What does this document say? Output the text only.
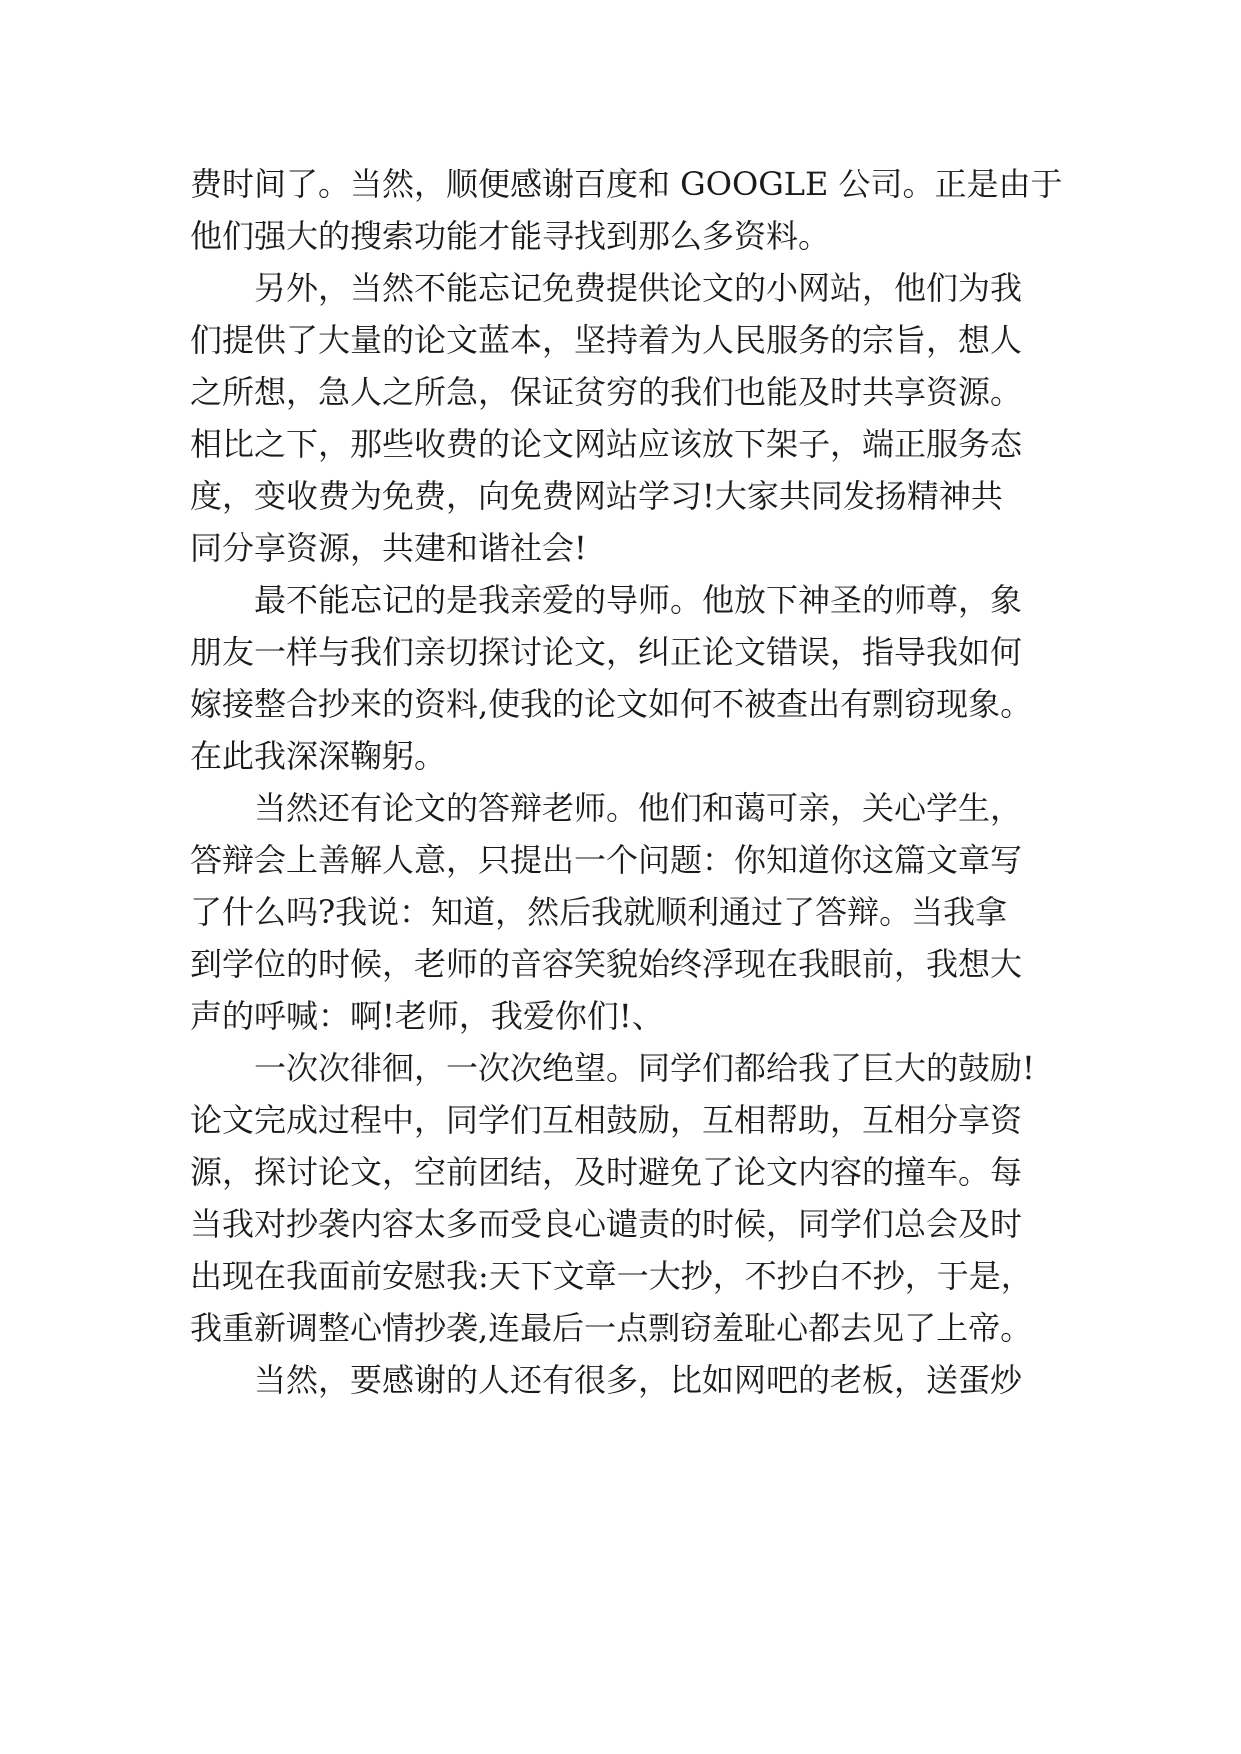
费时间了。当然，顺便感谢百度和 GOOGLE 公司。正是由于
他们强大的搜索功能才能寻找到那么多资料。
　　另外，当然不能忘记免费提供论文的小网站，他们为我
们提供了大量的论文蓝本，坚持着为人民服务的宗旨，想人
之所想，急人之所急，保证贫穷的我们也能及时共享资源。
相比之下，那些收费的论文网站应该放下架子，端正服务态
度，变收费为免费，向免费网站学习!大家共同发扬精神共
同分享资源，共建和谐社会!
　　最不能忘记的是我亲爱的导师。他放下神圣的师尊，象
朋友一样与我们亲切探讨论文，纠正论文错误，指导我如何
嫁接整合抄来的资料,使我的论文如何不被查出有剽窃现象。
在此我深深鞠躬。
　　当然还有论文的答辩老师。他们和蔼可亲，关心学生，
答辩会上善解人意，只提出一个问题：你知道你这篇文章写
了什么吗?我说：知道，然后我就顺利通过了答辩。当我拿
到学位的时候，老师的音容笑貌始终浮现在我眼前，我想大
声的呼喊：啊!老师，我爱你们!、
　　一次次徘徊，一次次绝望。同学们都给我了巨大的鼓励!
论文完成过程中，同学们互相鼓励，互相帮助，互相分享资
源，探讨论文，空前团结，及时避免了论文内容的撞车。每
当我对抄袭内容太多而受良心谴责的时候，同学们总会及时
出现在我面前安慰我:天下文章一大抄，不抄白不抄，于是，
我重新调整心情抄袭,连最后一点剽窃羞耻心都去见了上帝。
　　当然，要感谢的人还有很多，比如网吧的老板，送蛋炒
